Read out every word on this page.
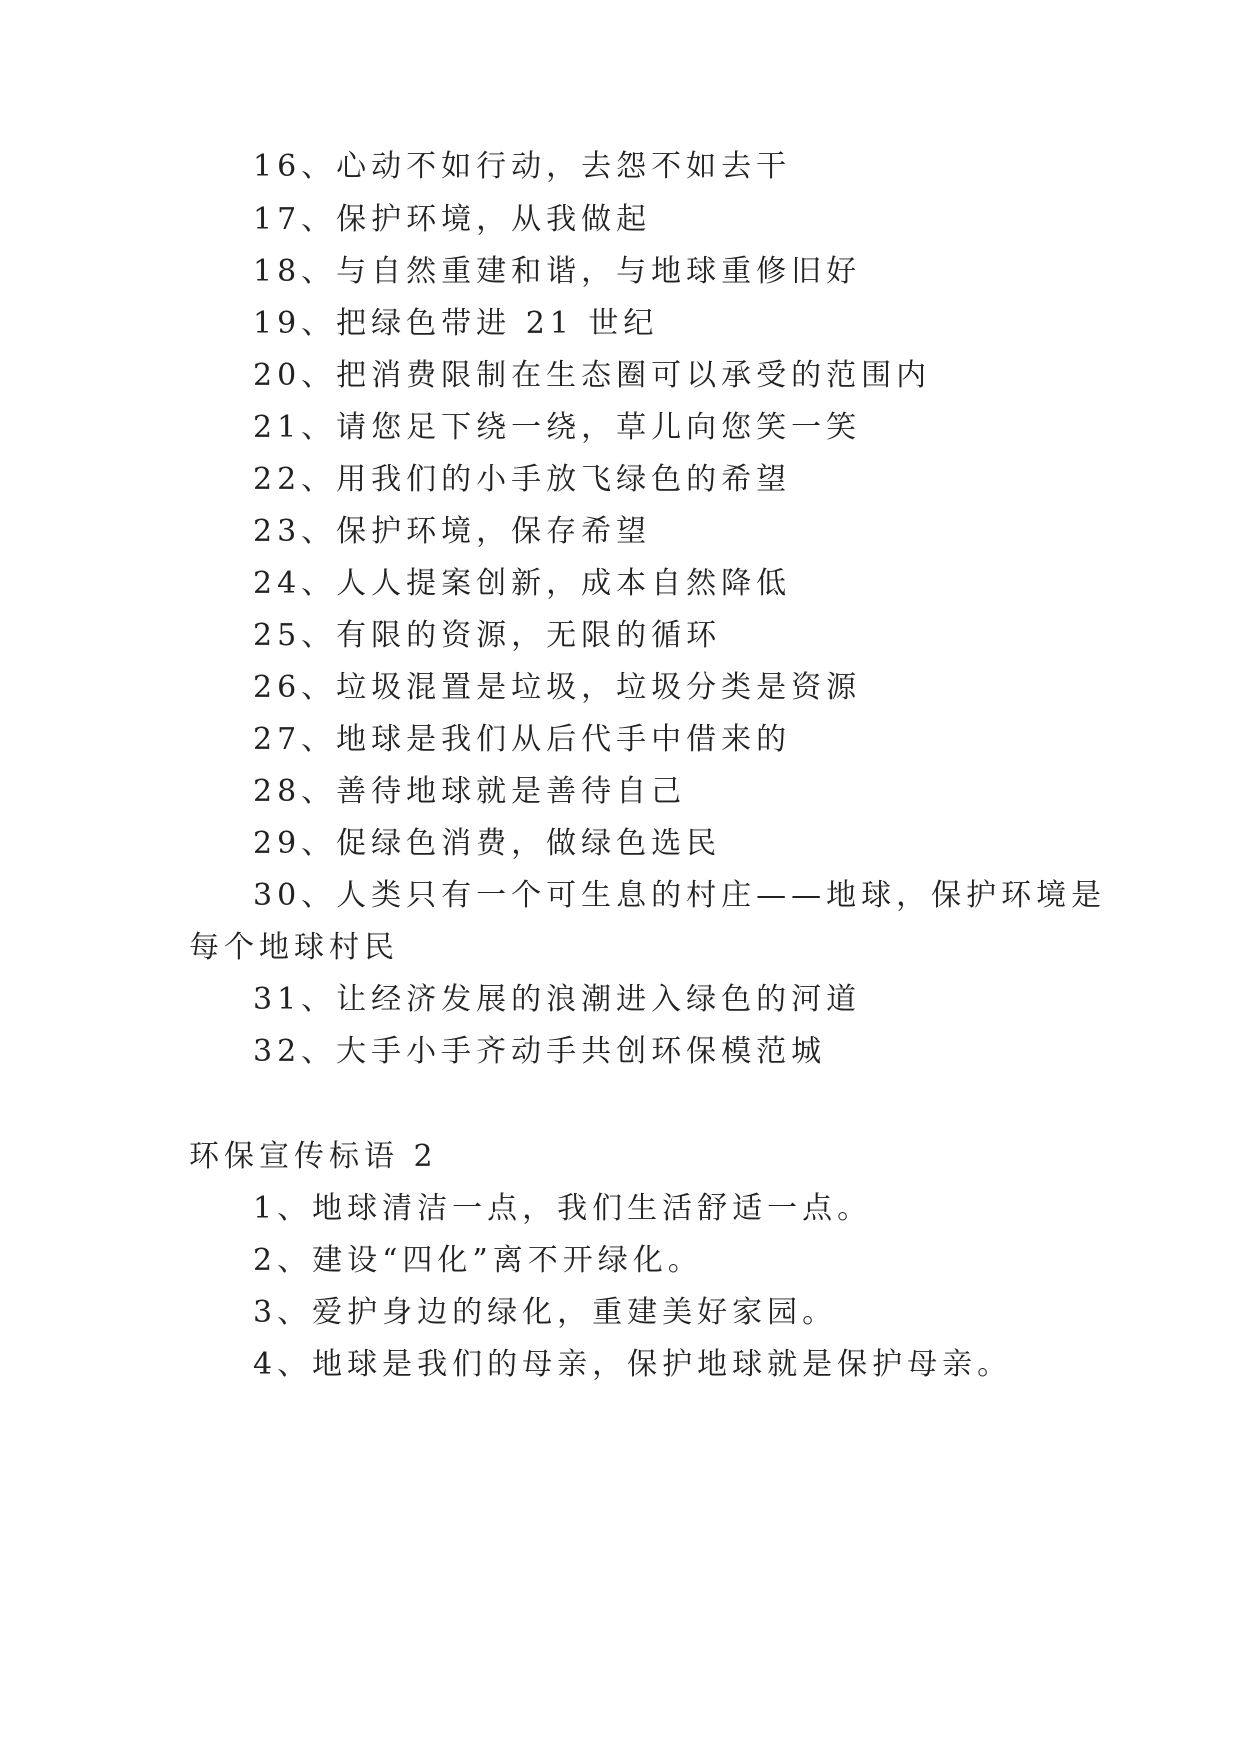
16、心动不如行动，去怨不如去干
17、保护环境，从我做起
18、与自然重建和谐，与地球重修旧好
19、把绿色带进 21 世纪
20、把消费限制在生态圈可以承受的范围内
21、请您足下绕一绕，草儿向您笑一笑
22、用我们的小手放飞绿色的希望
23、保护环境，保存希望
24、人人提案创新，成本自然降低
25、有限的资源，无限的循环
26、垃圾混置是垃圾，垃圾分类是资源
27、地球是我们从后代手中借来的
28、善待地球就是善待自己
29、促绿色消费，做绿色选民
30、人类只有一个可生息的村庄——地球，保护环境是
每个地球村民
31、让经济发展的浪潮进入绿色的河道
32、大手小手齐动手共创环保模范城
环保宣传标语 2
1、地球清洁一点，我们生活舒适一点。
2、建设“四化”离不开绿化。
3、爱护身边的绿化，重建美好家园。
4、地球是我们的母亲，保护地球就是保护母亲。
